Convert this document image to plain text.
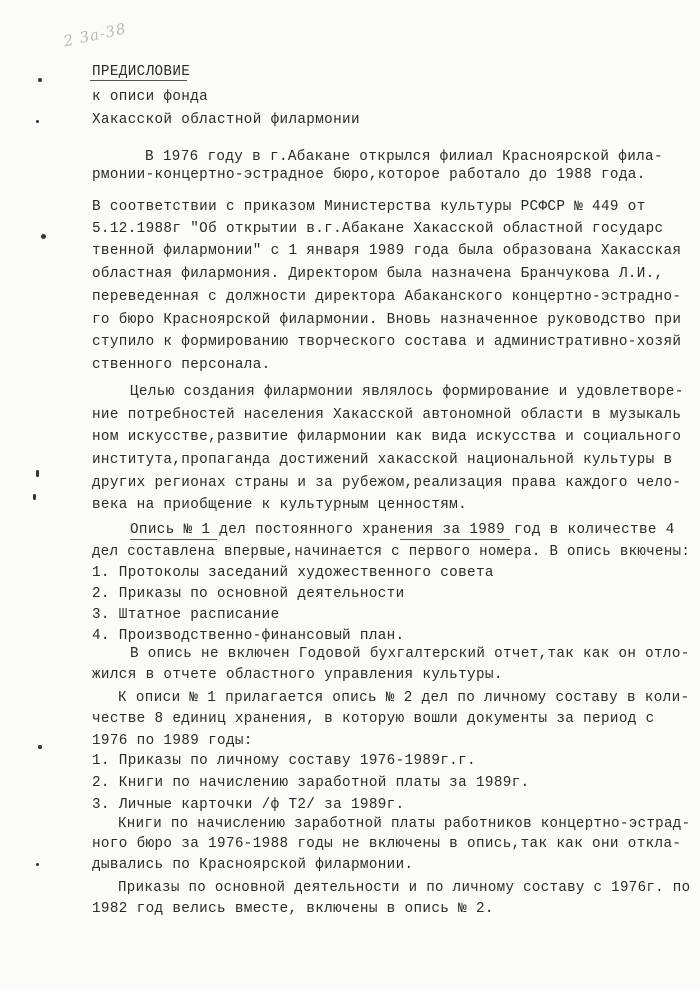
2 3а-38
ПРЕДИСЛОВИЕ
к описи фонда
Хакасской областной филармонии
В 1976 году в г.Абакане открылся филиал Красноярской фила-
рмонии-концертно-эстрадное бюро,которое работало до 1988 года.
В соответствии с приказом Министерства культуры РСФСР № 449 от
5.12.1988г "Об открытии в.г.Абакане Хакасской областной государс
твенной филармонии" с 1 января 1989 года была образована Хакасская
областная филармония. Директором была назначена Бранчукова Л.И.,
переведенная с должности директора Абаканского концертно-эстрадно-
го бюро Красноярской филармонии. Вновь назначенное руководство при
ступило к формированию творческого состава и административно-хозяй
ственного персонала.
Целью создания филармонии являлось формирование и удовлетворе-
ние потребностей населения Хакасской автономной области в музыкаль
ном искусстве,развитие филармонии как вида искусства и социального
института,пропаганда достижений хакасской национальной культуры в
других регионах страны и за рубежом,реализация права каждого чело-
века на приобщение к культурным ценностям.
Опись № 1 дел постоянного хранения за 1989 год в количестве 4
дел составлена впервые,начинается с первого номера. В опись вкючены:
1. Протоколы заседаний художественного совета
2. Приказы по основной деятельности
3. Штатное расписание
4. Производственно-финансовый план.
В опись не включен Годовой бухгалтерский отчет,так как он отло-
жился в отчете областного управления культуры.
К описи № 1 прилагается опись № 2 дел по личному составу в коли-
честве 8 единиц хранения, в которую вошли документы за период с
1976 по 1989 годы:
1. Приказы по личному составу 1976-1989г.г.
2. Книги по начислению заработной платы за 1989г.
3. Личные карточки /ф Т2/ за 1989г.
Книги по начислению заработной платы работников концертно-эстрад-
ного бюро за 1976-1988 годы не включены в опись,так как они откла-
дывались по Красноярской филармонии.
Приказы по основной деятельности и по личному составу с 1976г. по
1982 год велись вместе, включены в опись № 2.
